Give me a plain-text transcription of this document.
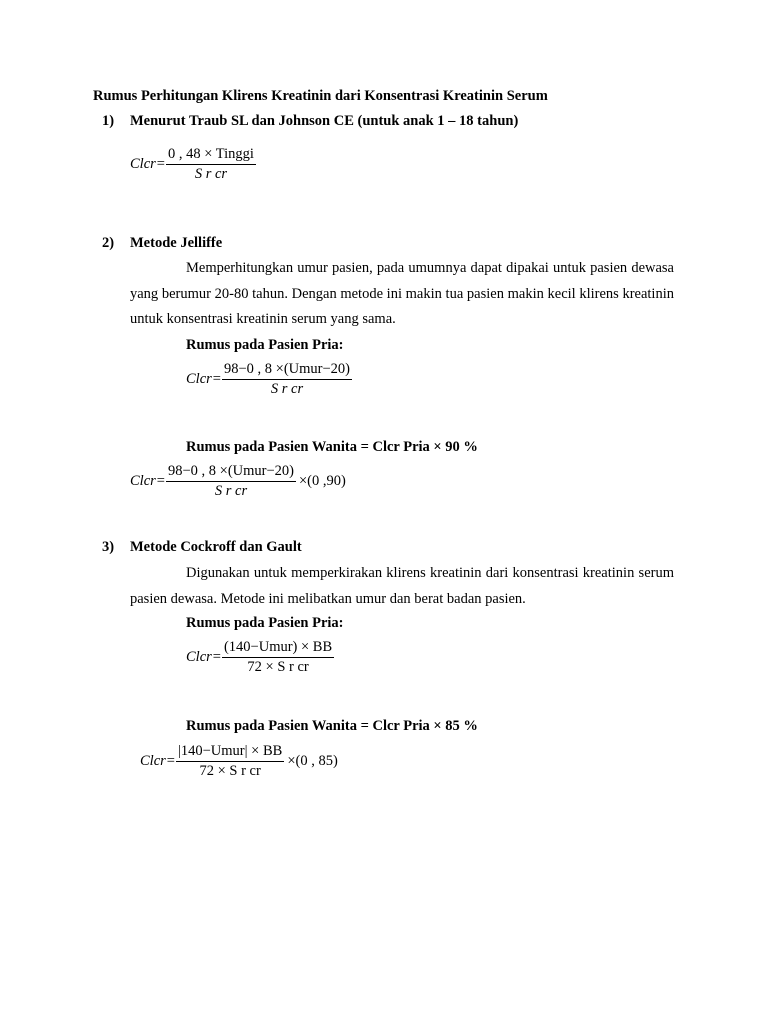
Rumus Perhitungan Klirens Kreatinin dari Konsentrasi Kreatinin Serum
1) Menurut Traub SL dan Johnson CE (untuk anak 1 – 18 tahun)
Clcr = $\frac{\text{0 , 48 × Tinggi}}{\text{S r cr}}$
2) Metode Jelliffe
Memperhitungkan umur pasien, pada umumnya dapat dipakai untuk pasien dewasa yang berumur 20-80 tahun. Dengan metode ini makin tua pasien makin kecil klirens kreatinin untuk konsentrasi kreatinin serum yang sama.
Rumus pada Pasien Pria:
Clcr = $\frac{\text{98−0 , 8 ×(Umur−20)}}{\text{S r cr}}$
Rumus pada Pasien Wanita = Clcr Pria × 90 %
Clcr = $\frac{\text{98−0 , 8 ×(Umur−20)}}{\text{S r cr}} \times(0$ ,90)
3) Metode Cockroff dan Gault
Digunakan untuk memperkirakan klirens kreatinin dari konsentrasi kreatinin serum pasien dewasa. Metode ini melibatkan umur dan berat badan pasien.
Rumus pada Pasien Pria:
Clcr = $\frac{\text{(140−Umur) × BB}}{\text{72 × S r cr}}$
Rumus pada Pasien Wanita = Clcr Pria × 85 %
Clcr = $\frac{\text{|140−Umur| × BB}}{\text{72 × S r cr}} \times(0$ , 85)
